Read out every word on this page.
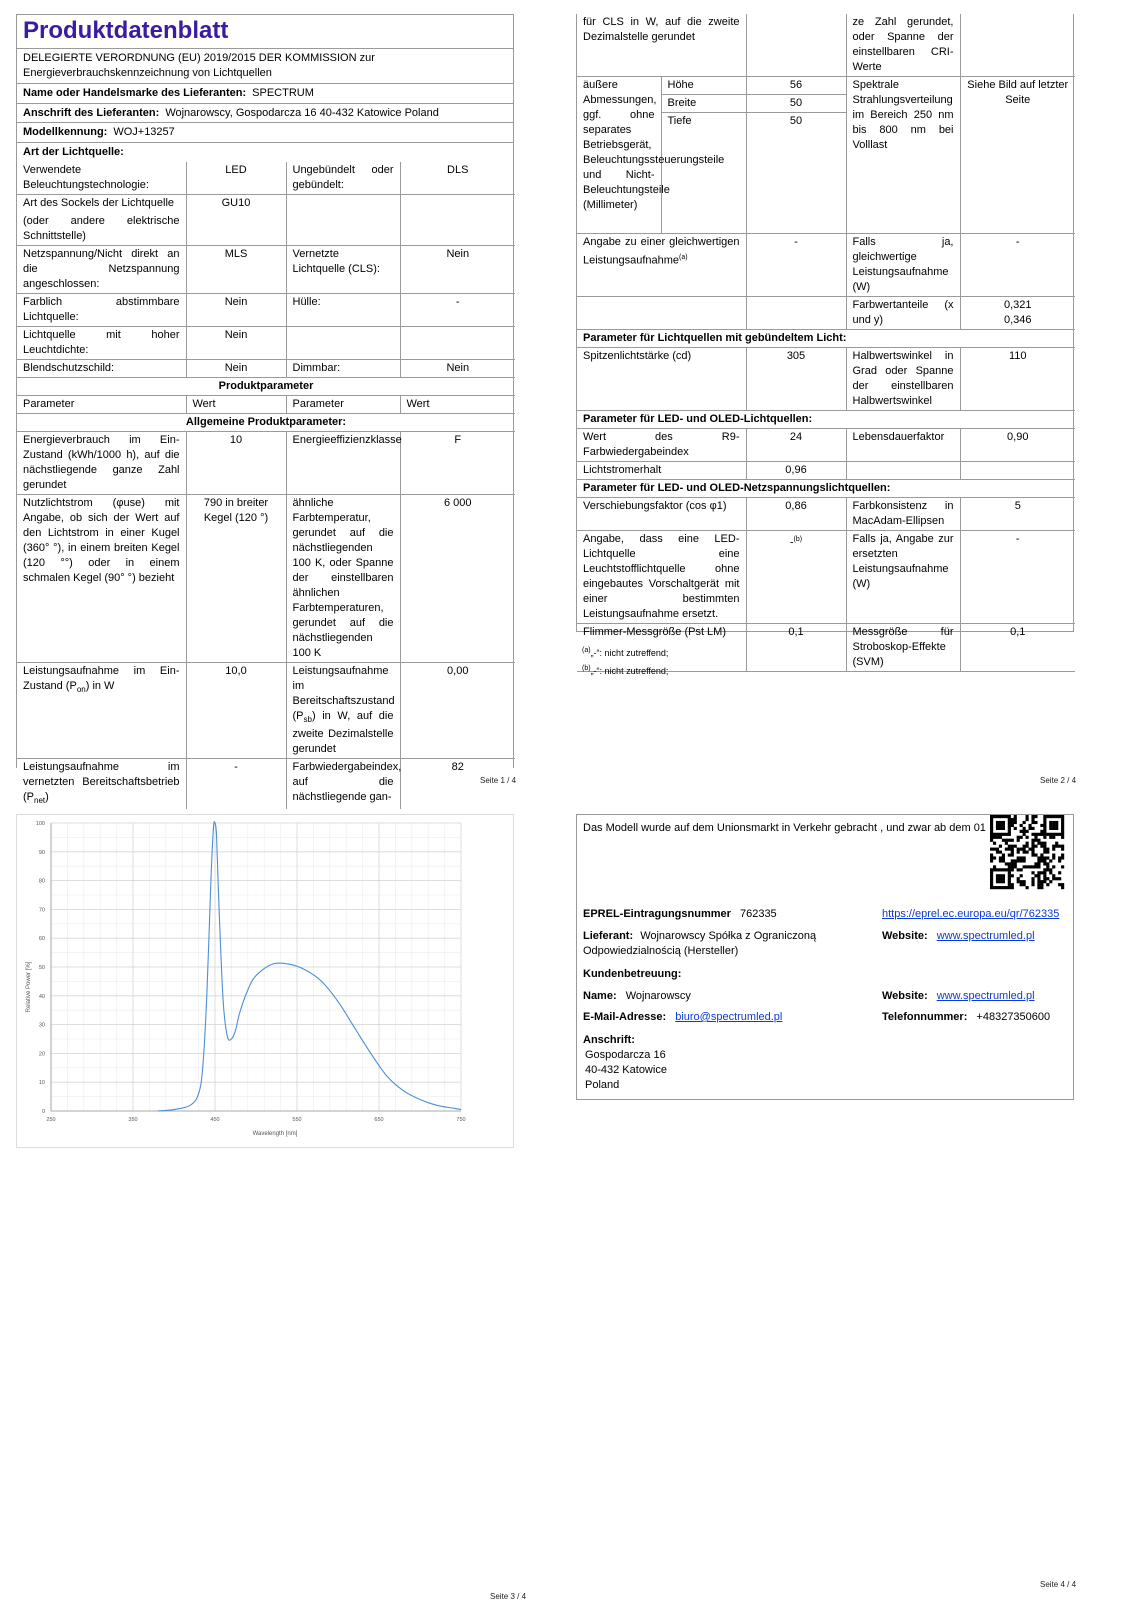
Produktdatenblatt
DELEGIERTE VERORDNUNG (EU) 2019/2015 DER KOMMISSION zur Energieverbrauchskennzeichnung von Lichtquellen
Name oder Handelsmarke des Lieferanten: SPECTRUM
Anschrift des Lieferanten: Wojnarowscy, Gospodarcza 16 40-432 Katowice Poland
Modellkennung: WOJ+13257
Art der Lichtquelle:
Verwendete Beleuchtungstechnologie:	LED	Ungebündelt oder gebündelt:	DLS

Art des Sockels der Lichtquelle
(oder andere elektrische Schnittstelle)	GU10		
Netzspannung/Nicht direkt an die Netzspannung angeschlossen:	MLS	Vernetzte Lichtquelle (CLS):	Nein
Farblich abstimmbare Lichtquelle:	Nein	Hülle:	-
Lichtquelle mit hoher Leuchtdichte:	Nein		
Blendschutzschild:	Nein	Dimmbar:	Nein
Produktparameter			
Parameter	Wert	Parameter	Wert
Allgemeine Produktparameter:			
Energieverbrauch im Ein-Zustand (kWh/1000 h), auf die nächstliegende ganze Zahl gerundet	10	Energieeffizienzklasse	F
Nutzlichtstrom (φuse) mit Angabe, ob sich der Wert auf den Lichtstrom in einer Kugel (360° °), in einem breiten Kegel (120 °°) oder in einem schmalen Kegel (90° °) bezieht	790 in breiter Kegel (120 °)	ähnliche Farbtemperatur, gerundet auf die nächstliegenden 100 K, oder Spanne der einstellbaren ähnlichen Farbtemperaturen, gerundet auf die nächstliegenden 100 K	6 000
Leistungsaufnahme im Ein-Zustand $(P_{on})$ in W	10,0	Leistungsaufnahme im Bereitschaftszustand $(P_{sb})$ in W, auf die zweite Dezimalstelle gerundet	0,00
Leistungsaufnahme im vernetzten Bereitschaftsbetrieb $(P_{net})$	-	Farbwiedergabeindex, auf die nächstliegende gan-	82
Seite 1 / 4
für CLS in W, auf die zweite Dezimalstelle gerundet			ze Zahl gerundet, oder Spanne der einstellbaren CRI-Werte	
äußere Abmessungen, ggf. ohne separates Betriebsgerät, Beleuchtungssteuerungsteile und Nicht-Beleuchtungsteile (Millimeter)	Höhe	56	Spektrale Strahlungsverteilung im Bereich 250 nm bis 800 nm bei Volllast	Siehe Bild auf letzter Seite
	Breite	50		
	Tiefe	50		
Angabe zu einer gleichwertigen Leistungsaufnahme$^{(a)}$		-	Falls ja, gleichwertige Leistungsaufnahme (W)	-
			Farbwertanteile (x und y)	0,321
0,346

Parameter für Lichtquellen mit gebündeltem Licht:				
Spitzenlichtstärke (cd)		305	Halbwertswinkel in Grad oder Spanne der einstellbaren Halbwertswinkel	110
Parameter für LED- und OLED-Lichtquellen:				
Wert des R9-Farbwiedergabeindex		24	Lebensdauerfaktor	0,90
Lichtstromerhalt		0,96		
Parameter für LED- und OLED-Netzspannungslichtquellen:				
Verschiebungsfaktor (cos φ1)		0,86	Farbkonsistenz in MacAdam-Ellipsen	5
Angabe, dass eine LED-Lichtquelle eine Leuchtstofflichtquelle ohne eingebautes Vorschaltgerät mit einer bestimmten Leistungsaufnahme ersetzt.		-$^{(b)}$	Falls ja, Angabe zur ersetzten Leistungsaufnahme (W)	-
Flimmer-Messgröße (Pst LM)		0,1	Messgröße für Stroboskop-Effekte (SVM)	0,1
$^{(a)}$„-“: nicht zutreffend;
$^{(b)}$„-“: nicht zutreffend;
Seite 2 / 4
250	350	450	550	650	750
0
10
20
30
40
50
60
70
80
90
100
Wavelength [nm]
Relative Power [%]
Seite 3 / 4
Das Modell wurde auf dem Unionsmarkt in Verkehr gebracht , und zwar ab dem 01
EPREL-Eintragungsnummer 762335	https://eprel.ec.europa.eu/qr/762335
Lieferant: Wojnarowscy Spółka z Ograniczoną Odpowiedzialnością (Hersteller)
Website: www.spectrumled.pl
Kundenbetreuung:
Name: Wojnarowscy	Website: www.spectrumled.pl
E-Mail-Adresse: biuro@spectrumled.pl	Telefonnummer: +48327350600
Anschrift:
Gospodarcza 16
40-432 Katowice
Poland
Seite 4 / 4
